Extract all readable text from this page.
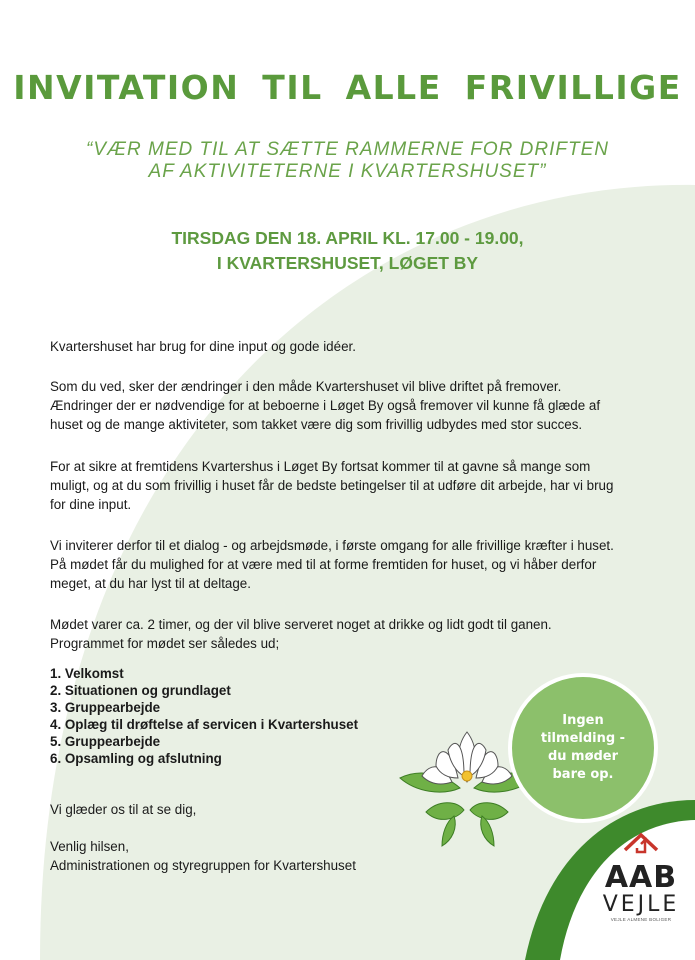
INVITATION TIL ALLE FRIVILLIGE
“VÆR MED TIL AT SÆTTE RAMMERNE FOR DRIFTEN
AF AKTIVITETERNE I KVARTERSHUSET”
TIRSDAG DEN 18. APRIL KL. 17.00 - 19.00,
I KVARTERSHUSET, LØGET BY

Kvartershuset har brug for dine input og gode idéer.

Som du ved, sker der ændringer i den måde Kvartershuset vil blive driftet på fremover.
Ændringer der er nødvendige for at beboerne i Løget By også fremover vil kunne få glæde af
huset og de mange aktiviteter, som takket være dig som frivillig udbydes med stor succes.

For at sikre at fremtidens Kvartershus i Løget By fortsat kommer til at gavne så mange som
muligt, og at du som frivillig i huset får de bedste betingelser til at udføre dit arbejde, har vi brug
for dine input.

Vi inviterer derfor til et dialog - og arbejdsmøde, i første omgang for alle frivillige kræfter i huset.
På mødet får du mulighed for at være med til at forme fremtiden for huset, og vi håber derfor
meget, at du har lyst til at deltage.

Mødet varer ca. 2 timer, og der vil blive serveret noget at drikke og lidt godt til ganen.
Programmet for mødet ser således ud;

1. Velkomst
2. Situationen og grundlaget
3. Gruppearbejde
4. Oplæg til drøftelse af servicen i Kvartershuset
5. Gruppearbejde
6. Opsamling og afslutning

Vi glæder os til at se dig,

Venlig hilsen,
Administrationen og styregruppen for Kvartershuset

Ingen tilmelding - du møder bare op.
AAB
VEJLE
VEJLE ALMENE BOLIGER
